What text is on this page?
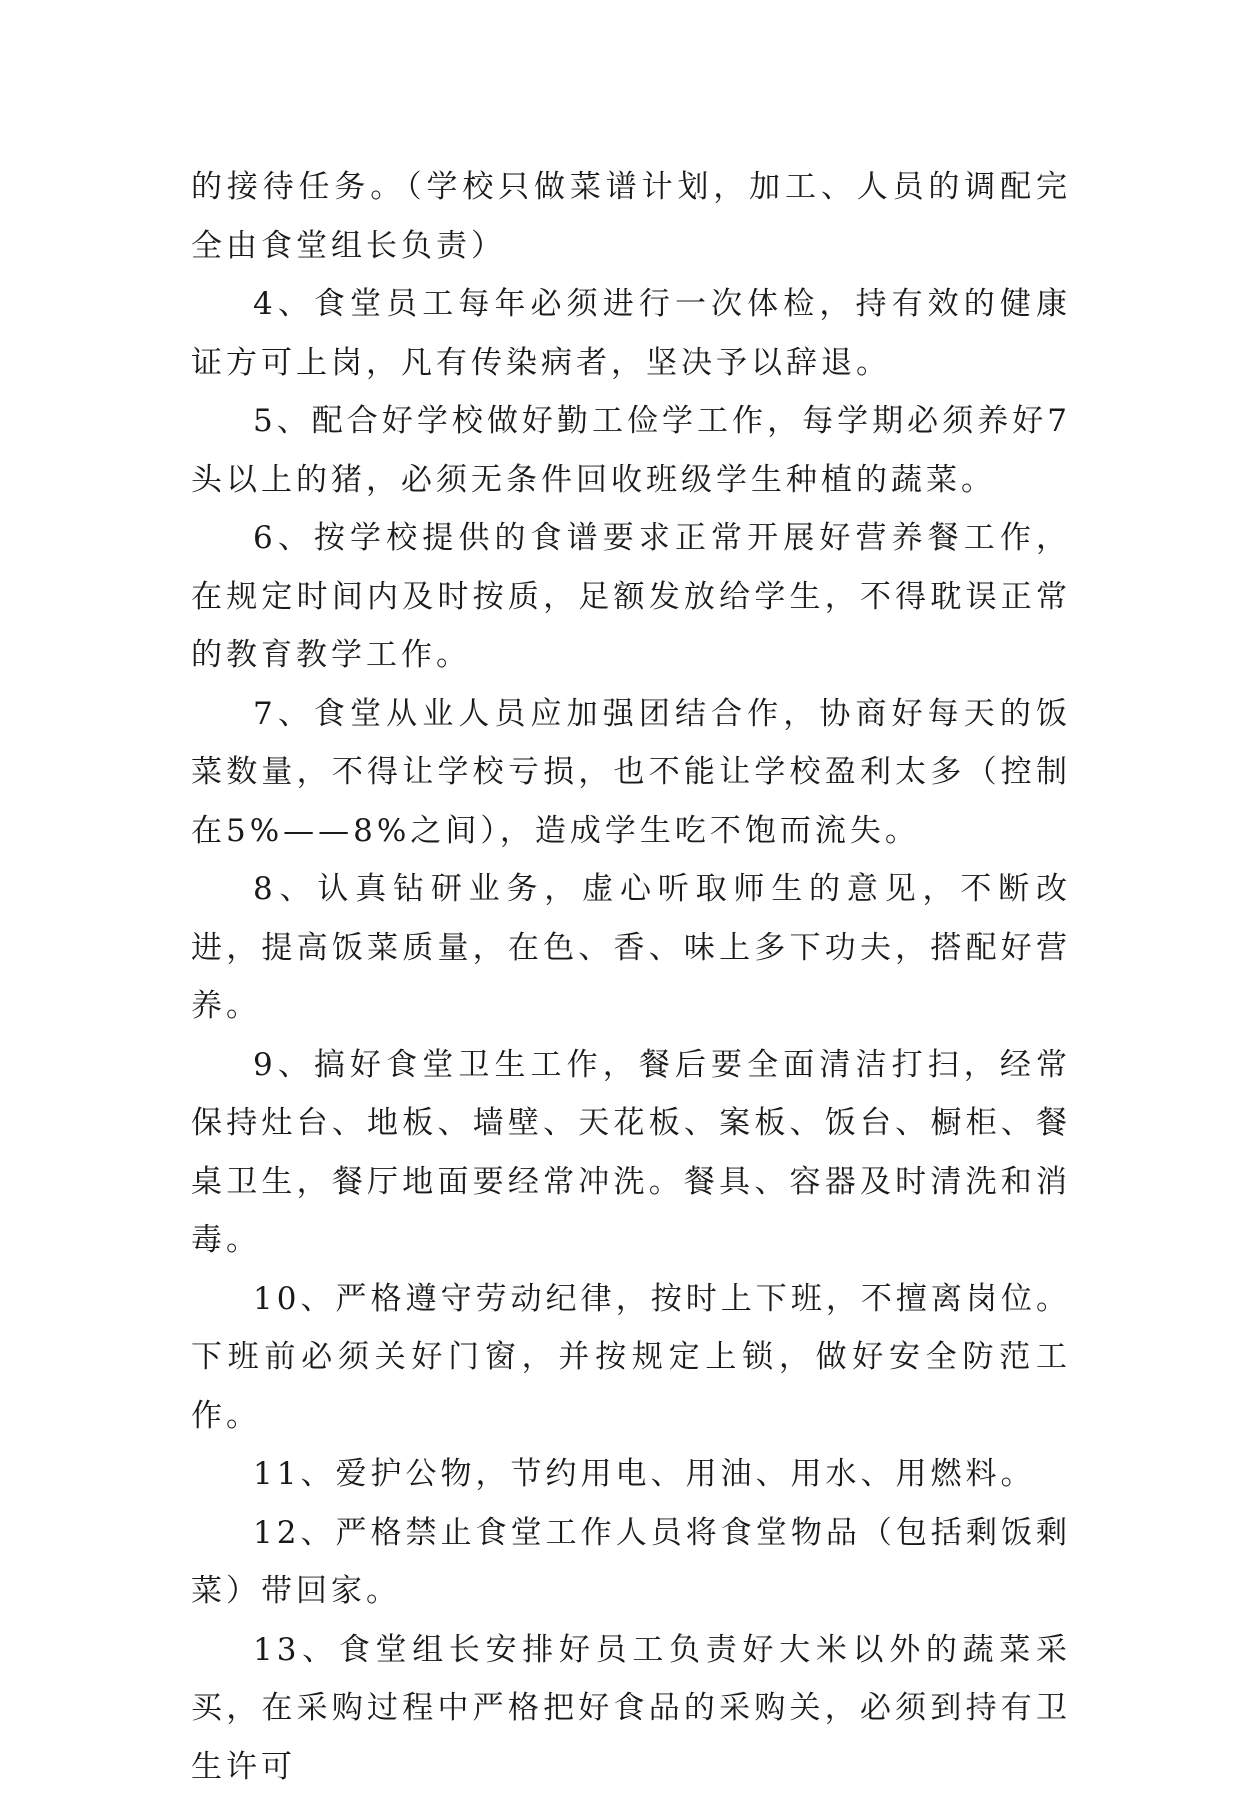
的接待任务。（学校只做菜谱计划，加工、人员的调配完全由食堂组长负责）

4、食堂员工每年必须进行一次体检，持有效的健康证方可上岗，凡有传染病者，坚决予以辞退。

5、配合好学校做好勤工俭学工作，每学期必须养好7头以上的猪，必须无条件回收班级学生种植的蔬菜。

6、按学校提供的食谱要求正常开展好营养餐工作，在规定时间内及时按质，足额发放给学生，不得耽误正常的教育教学工作。

7、食堂从业人员应加强团结合作，协商好每天的饭菜数量，不得让学校亏损，也不能让学校盈利太多（控制在5%——8%之间），造成学生吃不饱而流失。

8、认真钻研业务，虚心听取师生的意见，不断改进，提高饭菜质量，在色、香、味上多下功夫，搭配好营养。

9、搞好食堂卫生工作，餐后要全面清洁打扫，经常保持灶台、地板、墙壁、天花板、案板、饭台、橱柜、餐桌卫生，餐厅地面要经常冲洗。餐具、容器及时清洗和消毒。

10、严格遵守劳动纪律，按时上下班，不擅离岗位。下班前必须关好门窗，并按规定上锁，做好安全防范工作。

11、爱护公物，节约用电、用油、用水、用燃料。

12、严格禁止食堂工作人员将食堂物品（包括剩饭剩菜）带回家。

13、食堂组长安排好员工负责好大米以外的蔬菜采买，在采购过程中严格把好食品的采购关，必须到持有卫生许可
